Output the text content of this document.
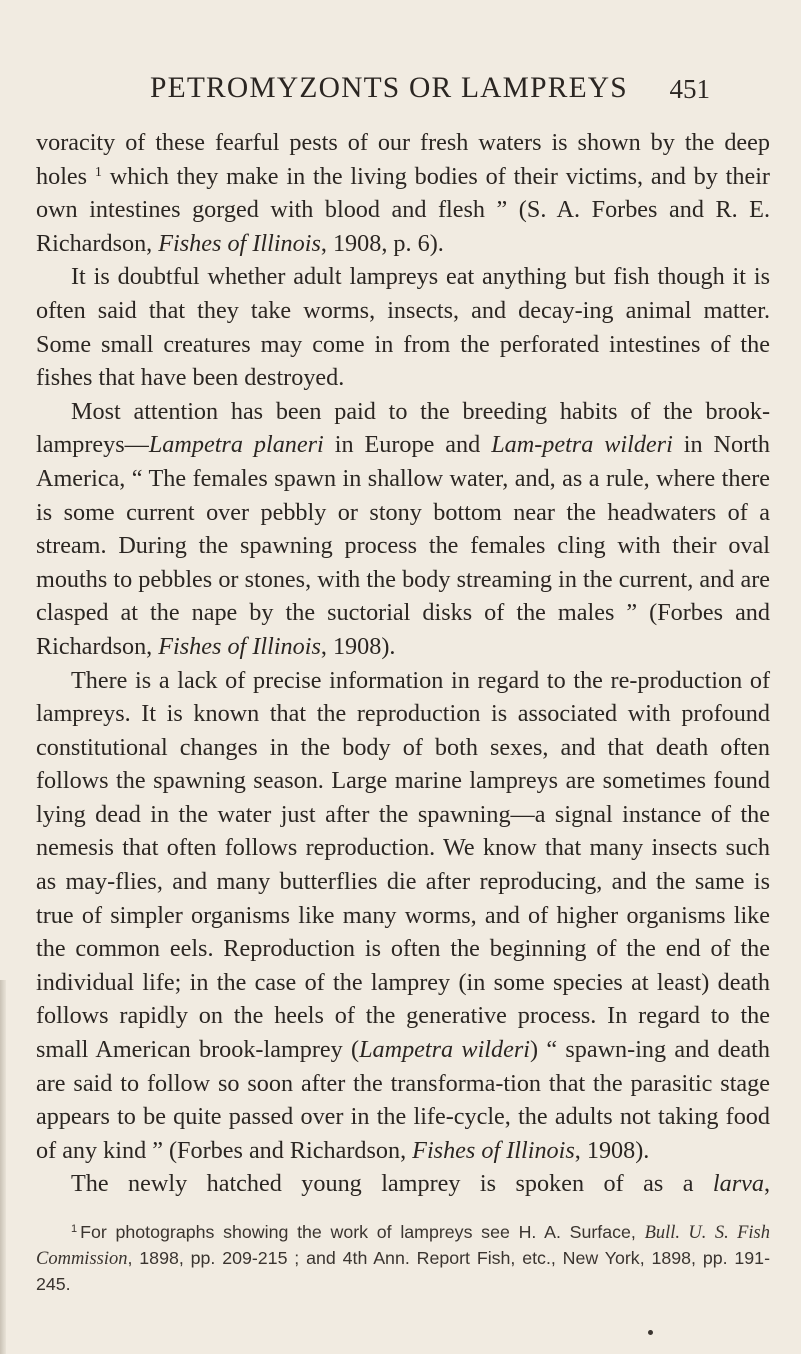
PETROMYZONTS OR LAMPREYS 451

voracity of these fearful pests of our fresh waters is shown by the deep holes $^1$ which they make in the living bodies of their victims, and by their own intestines gorged with blood and flesh ” (S. A. Forbes and R. E. Richardson, Fishes of Illinois, 1908, p. 6).

It is doubtful whether adult lampreys eat anything but fish though it is often said that they take worms, insects, and decay-ing animal matter. Some small creatures may come in from the perforated intestines of the fishes that have been destroyed.

Most attention has been paid to the breeding habits of the brook-lampreys—Lampetra planeri in Europe and Lam-petra wilderi in North America, “ The females spawn in shallow water, and, as a rule, where there is some current over pebbly or stony bottom near the headwaters of a stream. During the spawning process the females cling with their oval mouths to pebbles or stones, with the body streaming in the current, and are clasped at the nape by the suctorial disks of the males ” (Forbes and Richardson, Fishes of Illinois, 1908).

There is a lack of precise information in regard to the re-production of lampreys. It is known that the reproduction is associated with profound constitutional changes in the body of both sexes, and that death often follows the spawning season. Large marine lampreys are sometimes found lying dead in the water just after the spawning—a signal instance of the nemesis that often follows reproduction. We know that many insects such as may-flies, and many butterflies die after reproducing, and the same is true of simpler organisms like many worms, and of higher organisms like the common eels. Reproduction is often the beginning of the end of the individual life; in the case of the lamprey (in some species at least) death follows rapidly on the heels of the generative process. In regard to the small American brook-lamprey (Lampetra wilderi) “ spawn-ing and death are said to follow so soon after the transforma-tion that the parasitic stage appears to be quite passed over in the life-cycle, the adults not taking food of any kind ” (Forbes and Richardson, Fishes of Illinois, 1908).

The newly hatched young lamprey is spoken of as a larva,

$^1$ For photographs showing the work of lampreys see H. A. Surface, Bull. U. S. Fish Commission, 1898, pp. 209-215 ; and 4th Ann. Report Fish, etc., New York, 1898, pp. 191-245.
